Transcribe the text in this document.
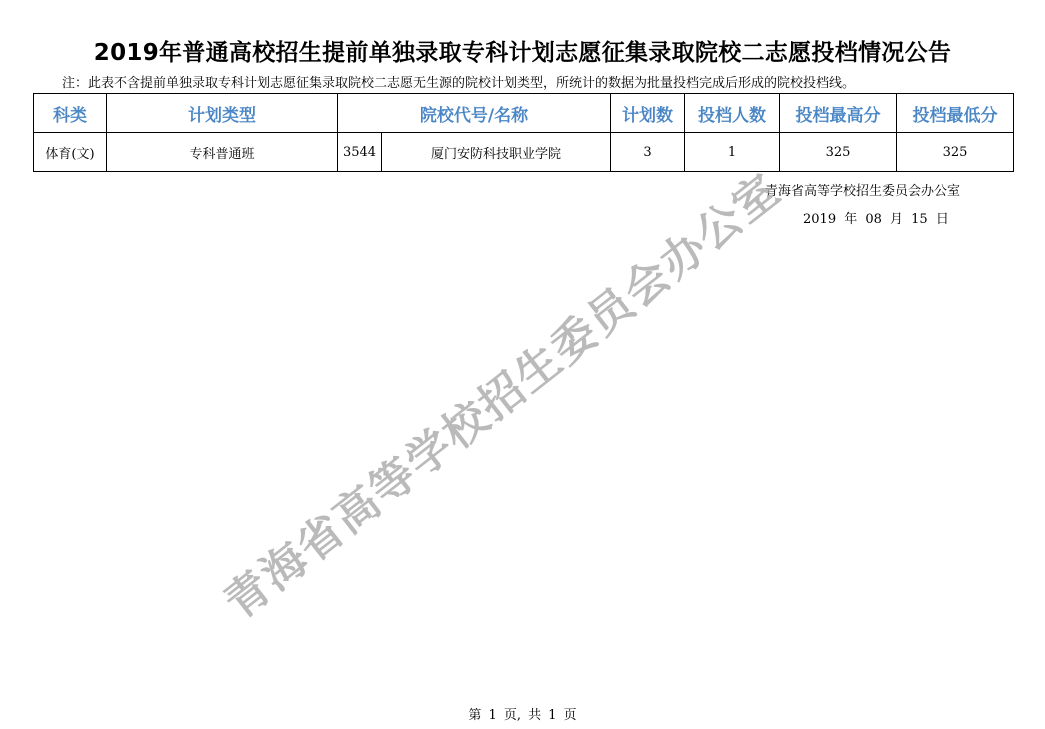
2019年普通高校招生提前单独录取专科计划志愿征集录取院校二志愿投档情况公告
注：此表不含提前单独录取专科计划志愿征集录取院校二志愿无生源的院校计划类型，所统计的数据为批量投档完成后形成的院校投档线。
科类	计划类型	院校代号/名称		计划数	投档人数	投档最高分	投档最低分
体育(文)	专科普通班	3544	厦门安防科技职业学院	3	1	325	325
青海省高等学校招生委员会办公室
2019 年 08 月 15 日
青海省高等学校招生委员会办公室
第 1 页, 共 1 页
